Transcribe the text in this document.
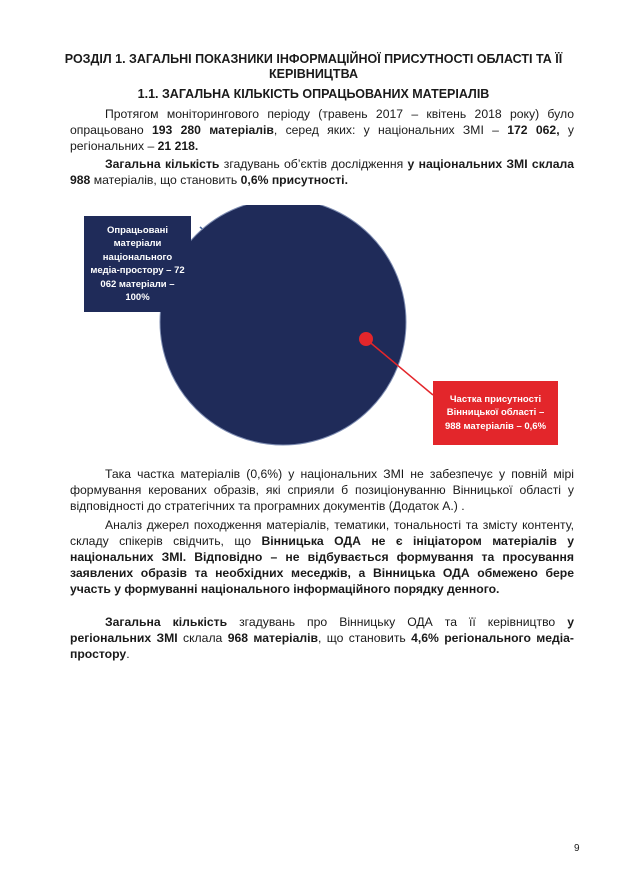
РОЗДІЛ 1. ЗАГАЛЬНІ ПОКАЗНИКИ ІНФОРМАЦІЙНОЇ ПРИСУТНОСТІ ОБЛАСТІ ТА ЇЇ КЕРІВНИЦТВА
1.1. ЗАГАЛЬНА КІЛЬКІСТЬ ОПРАЦЬОВАНИХ МАТЕРІАЛІВ

Протягом моніторингового періоду (травень 2017 – квітень 2018 року) було опрацьовано 193 280 матеріалів, серед яких: у національних ЗМІ – 172 062, у регіональних – 21 218.

Загальна кількість згадувань об’єктів дослідження у національних ЗМІ склала 988 матеріалів, що становить 0,6% присутності.

Опрацьовані матеріали національного медіа-простору – 72 062 матеріали – 100%
Частка присутності Вінницької області – 988 матеріалів – 0,6%

Така частка матеріалів (0,6%) у національних ЗМІ не забезпечує у повній мірі формування керованих образів, які сприяли б позиціонуванню Вінницької області у відповідності до стратегічних та програмних документів (Додаток А.) .

Аналіз джерел походження матеріалів, тематики, тональності та змісту контенту, складу спікерів свідчить, що Вінницька ОДА не є ініціатором матеріалів у національних ЗМІ. Відповідно – не відбувається формування та просування заявлених образів та необхідних меседжів, а Вінницька ОДА обмежено бере участь у формуванні національного інформаційного порядку денного.

Загальна кількість згадувань про Вінницьку ОДА та її керівництво у регіональних ЗМІ склала 968 матеріалів, що становить 4,6% регіонального медіа-простору.

9
